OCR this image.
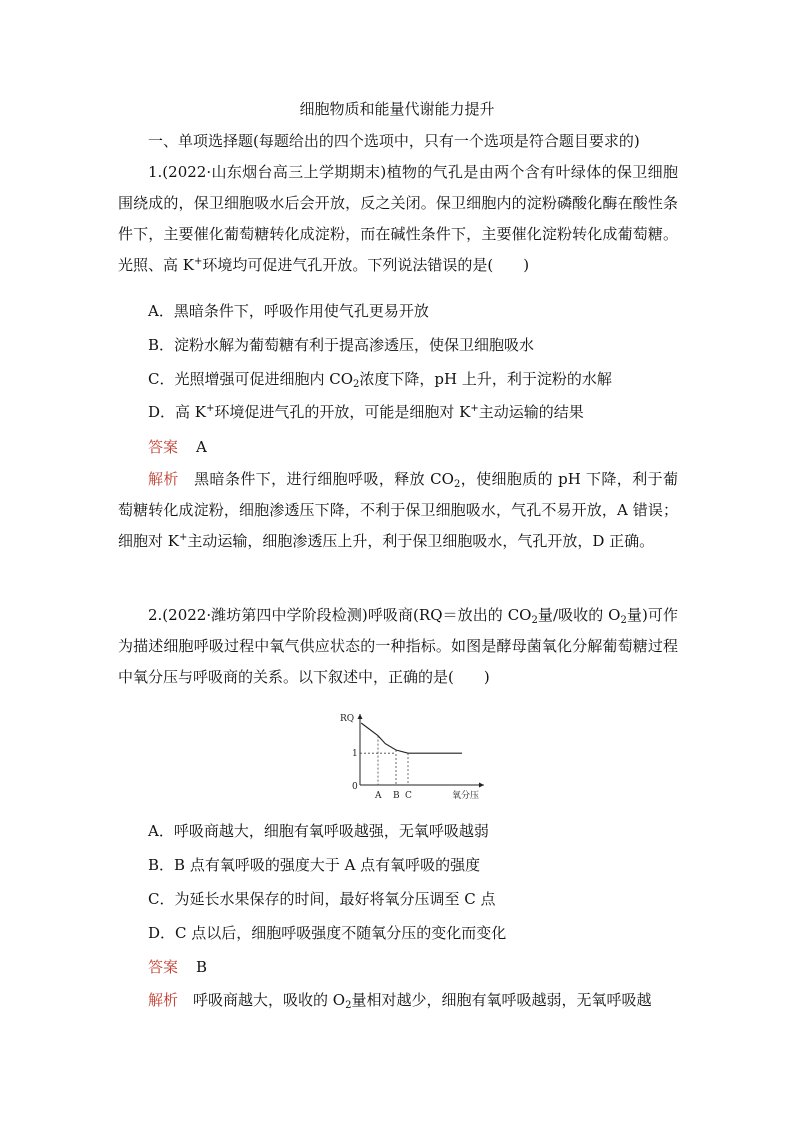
细胞物质和能量代谢能力提升
一、单项选择题(每题给出的四个选项中，只有一个选项是符合题目要求的)
1.(2022·山东烟台高三上学期期末)植物的气孔是由两个含有叶绿体的保卫细胞围绕成的，保卫细胞吸水后会开放，反之关闭。保卫细胞内的淀粉磷酸化酶在酸性条件下，主要催化葡萄糖转化成淀粉，而在碱性条件下，主要催化淀粉转化成葡萄糖。光照、高 K+环境均可促进气孔开放。下列说法错误的是(　　)
A．黑暗条件下，呼吸作用使气孔更易开放
B．淀粉水解为葡萄糖有利于提高渗透压，使保卫细胞吸水
C．光照增强可促进细胞内 $CO_2$浓度下降，pH 上升，利于淀粉的水解
D．高 K+环境促进气孔的开放，可能是细胞对 K+主动运输的结果
答案 A
解析　 黑暗条件下，进行细胞呼吸，释放 $CO_2$，使细胞质的 pH 下降，利于葡萄糖转化成淀粉，细胞渗透压下降，不利于保卫细胞吸水，气孔不易开放，A 错误；细胞对 K+主动运输，细胞渗透压上升，利于保卫细胞吸水，气孔开放，D 正确。
2.(2022·潍坊第四中学阶段检测)呼吸商(RQ＝放出的 $CO_2$量/吸收的 $O_2$量)可作为描述细胞呼吸过程中氧气供应状态的一种指标。如图是酵母菌氧化分解葡萄糖过程中氧分压与呼吸商的关系。以下叙述中，正确的是(　　)
RQ
氧分压
0
1
A B C
A．呼吸商越大，细胞有氧呼吸越强，无氧呼吸越弱
B．B 点有氧呼吸的强度大于 A 点有氧呼吸的强度
C．为延长水果保存的时间，最好将氧分压调至 C 点
D．C 点以后，细胞呼吸强度不随氧分压的变化而变化
答案 B
解析　 呼吸商越大，吸收的 $O_2$量相对越少，细胞有氧呼吸越弱，无氧呼吸越
